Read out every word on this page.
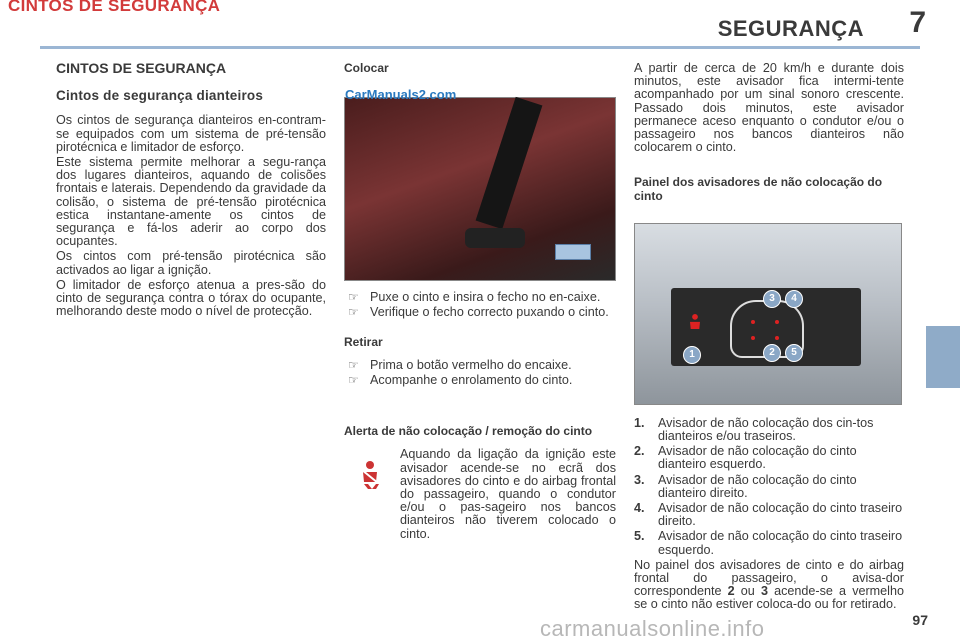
CINTOS DE SEGURANÇA
SEGURANÇA 7
CINTOS DE SEGURANÇA
Cintos de segurança dianteiros

Os cintos de segurança dianteiros en-contram-se equipados com um sistema de pré-tensão pirotécnica e limitador de esforço.

Este sistema permite melhorar a segu-rança dos lugares dianteiros, aquando de colisões frontais e laterais. Dependendo da gravidade da colisão, o sistema de pré-tensão pirotécnica estica instantane-amente os cintos de segurança e fá-los aderir ao corpo dos ocupantes.

Os cintos com pré-tensão pirotécnica são activados ao ligar a ignição.

O limitador de esforço atenua a pres-são do cinto de segurança contra o tórax do ocupante, melhorando deste modo o nível de protecção.

Colocar
CarManuals2.com
☞ Puxe o cinto e insira o fecho no en-caixe.
☞ Verifique o fecho correcto puxando o cinto.
Retirar
☞ Prima o botão vermelho do encaixe.
☞ Acompanhe o enrolamento do cinto.
Alerta de não colocação / remoção do cinto

Aquando da ligação da ignição este avisador acende-se no ecrã dos avisadores do cinto e do airbag frontal do passageiro, quando o condutor e/ou o pas-sageiro nos bancos dianteiros não tiverem colocado o cinto.

A partir de cerca de 20 km/h e durante dois minutos, este avisador fica intermi-tente acompanhado por um sinal sonoro crescente. Passado dois minutos, este avisador permanece aceso enquanto o condutor e/ou o passageiro nos bancos dianteiros não colocarem o cinto.

Painel dos avisadores de não colocação do cinto
1	2
3	4
5
1. Avisador de não colocação dos cin-tos dianteiros e/ou traseiros.
2. Avisador de não colocação do cinto dianteiro esquerdo.
3. Avisador de não colocação do cinto dianteiro direito.
4. Avisador de não colocação do cinto traseiro direito.
5. Avisador de não colocação do cinto traseiro esquerdo.

No painel dos avisadores de cinto e do airbag frontal do passageiro, o avisa-dor correspondente 2 ou 3 acende-se a vermelho se o cinto não estiver coloca-do ou for retirado.

carmanualsonline.info	97
